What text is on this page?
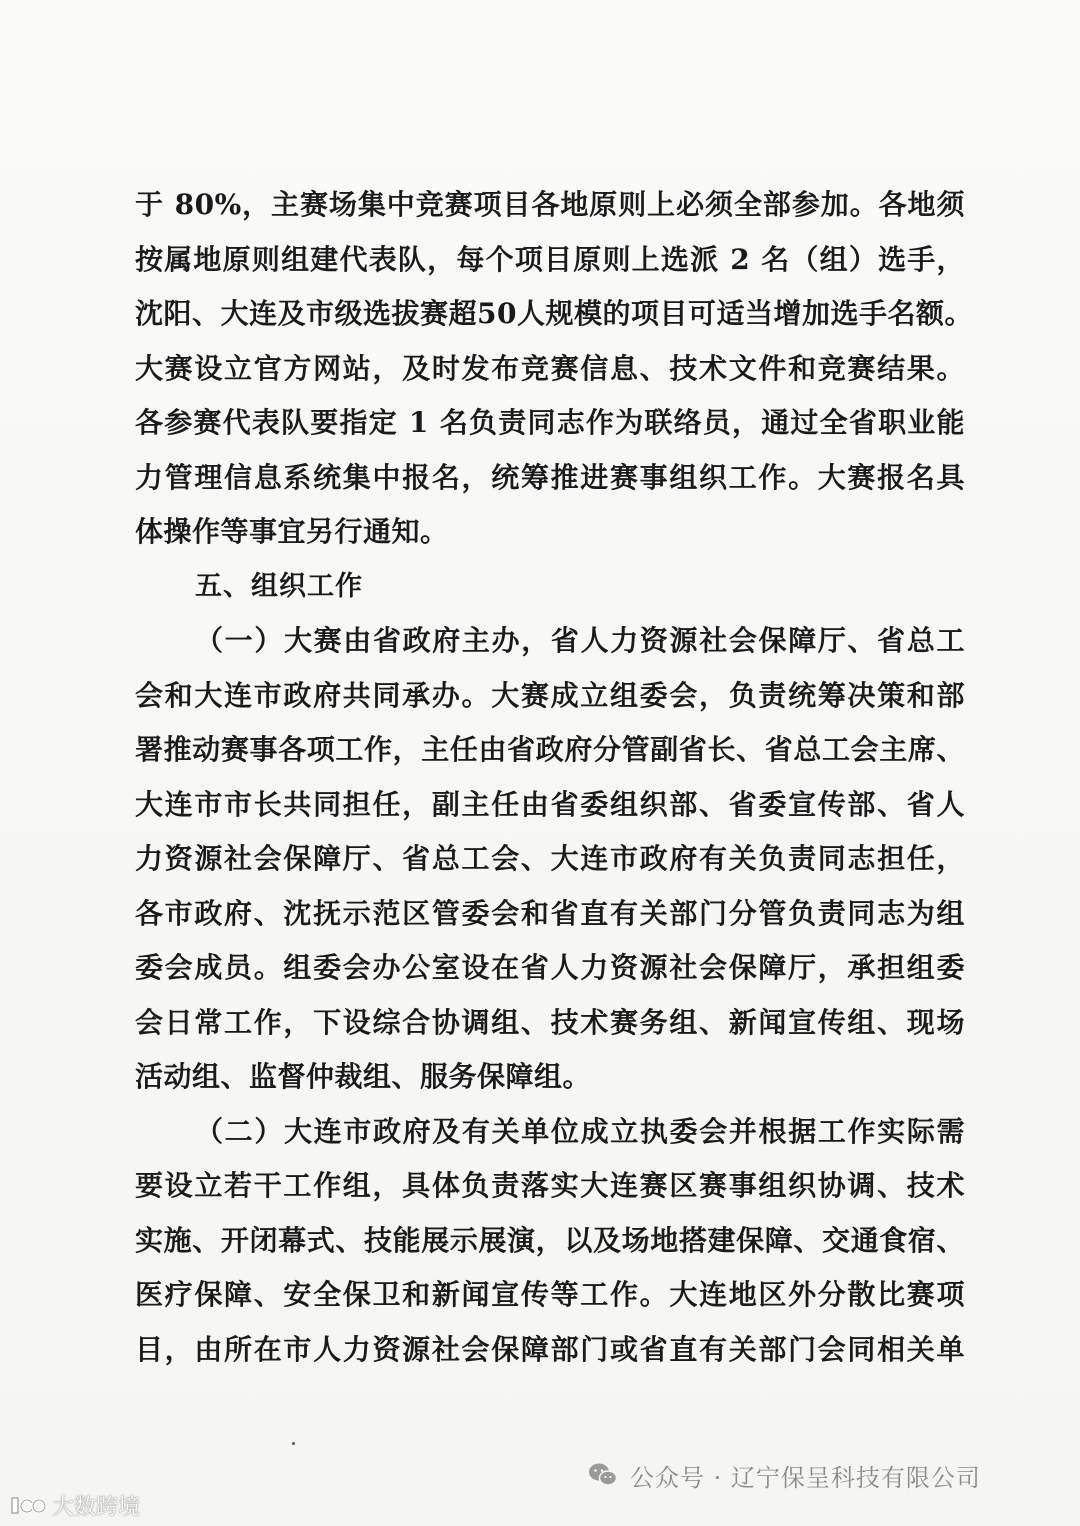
于 80%，主赛场集中竞赛项目各地原则上必须全部参加。各地须
按属地原则组建代表队，每个项目原则上选派 2 名（组）选手，
沈阳、大连及市级选拔赛超50人规模的项目可适当增加选手名额。
大赛设立官方网站，及时发布竞赛信息、技术文件和竞赛结果。
各参赛代表队要指定 1 名负责同志作为联络员，通过全省职业能
力管理信息系统集中报名，统筹推进赛事组织工作。大赛报名具
体操作等事宜另行通知。
五、组织工作
（一）大赛由省政府主办，省人力资源社会保障厅、省总工
会和大连市政府共同承办。大赛成立组委会，负责统筹决策和部
署推动赛事各项工作，主任由省政府分管副省长、省总工会主席、
大连市市长共同担任，副主任由省委组织部、省委宣传部、省人
力资源社会保障厅、省总工会、大连市政府有关负责同志担任，
各市政府、沈抚示范区管委会和省直有关部门分管负责同志为组
委会成员。组委会办公室设在省人力资源社会保障厅，承担组委
会日常工作，下设综合协调组、技术赛务组、新闻宣传组、现场
活动组、监督仲裁组、服务保障组。
（二）大连市政府及有关单位成立执委会并根据工作实际需
要设立若干工作组，具体负责落实大连赛区赛事组织协调、技术
实施、开闭幕式、技能展示展演，以及场地搭建保障、交通食宿、
医疗保障、安全保卫和新闻宣传等工作。大连地区外分散比赛项
目，由所在市人力资源社会保障部门或省直有关部门会同相关单
公众号 · 辽宁保呈科技有限公司
大数跨境
